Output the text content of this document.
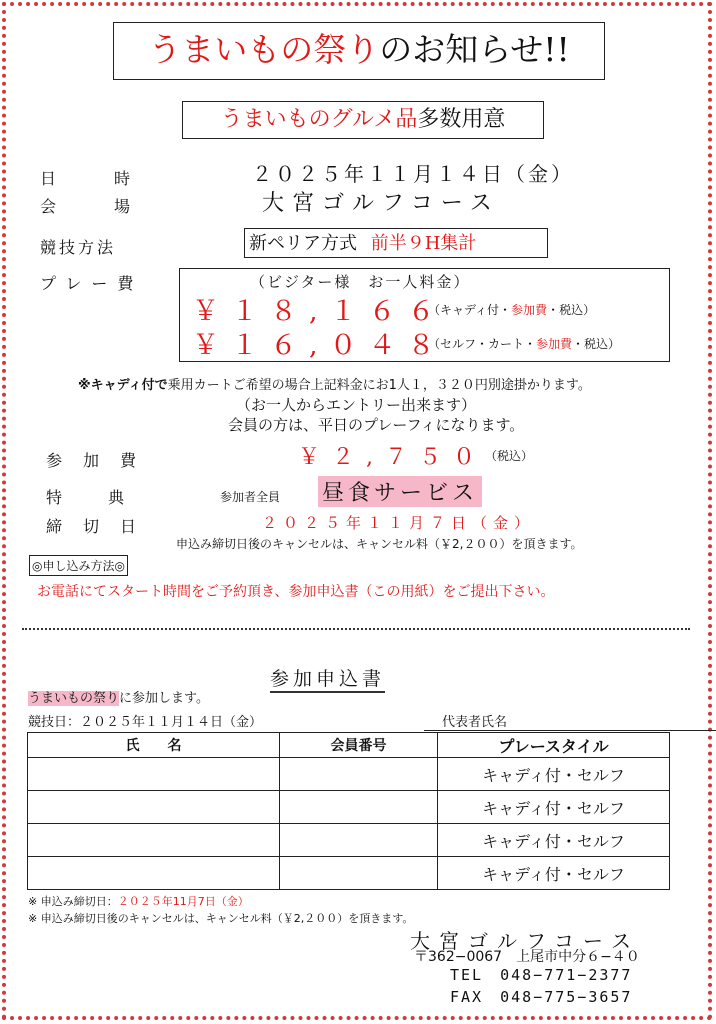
うまいもの祭りのお知らせ!!
うまいものグルメ品多数用意
日	時	２０２５年１１月１４日（金）
会	場	大宮ゴルフコース
競技方法	新ペリア方式 前半９H集計
プレー費	（ビジター様　お一人料金）
￥１８,１６６
（キャディ付・参加費・税込）
￥１６,０４８
（セルフ・カート・参加費・税込）
※キャディ付で乗用カートご希望の場合上記料金にお1人１，３２０円別途掛かります。
（お一人からエントリー出来ます）
会員の方は、平日のプレーフィになります。
参 加 費	￥２,７５０
（税込）
特	典	参加者全員 昼食サービス
締 切 日	２０２５年１１月７日（金）
申込み締切日後のキャンセルは、キャンセル料（￥2,２００）を頂きます。
◎申し込み方法◎
お電話にてスタート時間をご予約頂き、参加申込書（この用紙）をご提出下さい。
参加申込書
うまいもの祭りに参加します。
競技日：２０２５年１１月１４日（金）	代表者氏名
氏　　名	会員番号	プレースタイル
		キャディ付・セルフ
		キャディ付・セルフ
		キャディ付・セルフ
		キャディ付・セルフ
※ 申込み締切日：２０２５年11月7日（金）
※ 申込み締切日後のキャンセルは、キャンセル料（￥2,２００）を頂きます。
大宮ゴルフコース
〒362−0067　上尾市中分６−４０
TEL　048−771−2377
FAX　048−775−3657
